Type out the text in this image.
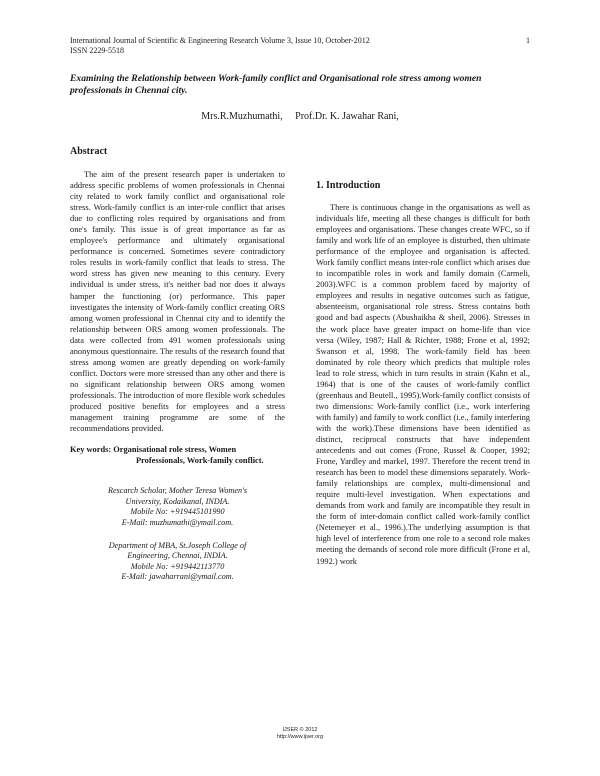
International Journal of Scientific & Engineering Research Volume 3, Issue 10, October-2012
ISSN 2229-5518
1
Examining the Relationship between Work-family conflict and Organisational role stress among women professionals in Chennai city.
Mrs.R.Muzhumathi, Prof.Dr. K. Jawahar Rani,
Abstract

The aim of the present research paper is undertaken to address specific problems of women professionals in Chennai city related to work family conflict and organisational role stress. Work-family conflict is an inter-role conflict that arises due to conflicting roles required by organisations and from one's family. This issue is of great importance as far as employee's performance and ultimately organisational performance is concerned. Sometimes severe contradictory roles results in work-family conflict that leads to stress. The word stress has given new meaning to this century. Every individual is under stress, it's neither bad nor does it always hamper the functioning (or) performance. This paper investigates the intensity of Work-family conflict creating ORS among women professional in Chennai city and to identify the relationship between ORS among women professionals. The data were collected from 491 women professionals using anonymous questionnaire. The results of the research found that stress among women are greatly depending on work-family conflict. Doctors were more stressed than any other and there is no significant relationship between ORS among women professionals. The introduction of more flexible work schedules produced positive benefits for employees and a stress management training programme are some of the recommendations provided.

Key words: Organisational role stress, Women
Professionals, Work-family conflict.
Rescarch Scholar, Mother Teresa Women's
University, Kodaikanal, INDIA.
Mobile No: +919445101990
E-Mail: muzhumathi@ymail.com.
Department of MBA, St.Joseph College of
Engineering, Chennai, INDIA.
Mobile No: +919442113770
E-Mail: jawaharrani@ymail.com.
1. Introduction

There is continuous change in the organisations as well as individuals life, meeting all these changes is difficult for both employees and organisations. These changes create WFC, so if family and work life of an employee is disturbed, then ultimate performance of the employee and organisation is affected. Work family conflict means inter-role conflict which arises due to incompatible roles in work and family domain (Carmeli, 2003).WFC is a common problem faced by majority of employees and results in negative outcomes such as fatigue, absenteeism, organisational role stress. Stress contains both good and bad aspects (Abushaikha & sheil, 2006). Stresses in the work place have greater impact on home-life than vice versa (Wiley, 1987; Hall & Richter, 1988; Frone et al, 1992; Swanson et al, 1998. The work-family field has been dominated by role theory which predicts that multiple roles lead to role stress, which in turn results in strain (Kahn et al., 1964) that is one of the causes of work-family conflict (greenhaus and Beutell., 1995).Work-family conflict consists of two dimensions: Work-family conflict (i.e., work interfering with family) and family to work conflict (i.e., family interfering with the work).These dimensions have been identified as distinct, reciprocal constructs that have independent antecedents and out comes (Frone, Russel & Cooper, 1992; Frone, Yardley and markel, 1997. Therefore the recent trend in research has been to model these dimensions separately. Work-family relationships are complex, multi-dimensional and require multi-level investigation. When expectations and demands from work and family are incompatible they result in the form of inter-domain conflict called work-family conflict (Netemeyer et al., 1996.).The underlying assumption is that high level of interference from one role to a second role makes meeting the demands of second role more difficult (Frone et al, 1992.) work

IJSER © 2012
http://www.ijser.org
